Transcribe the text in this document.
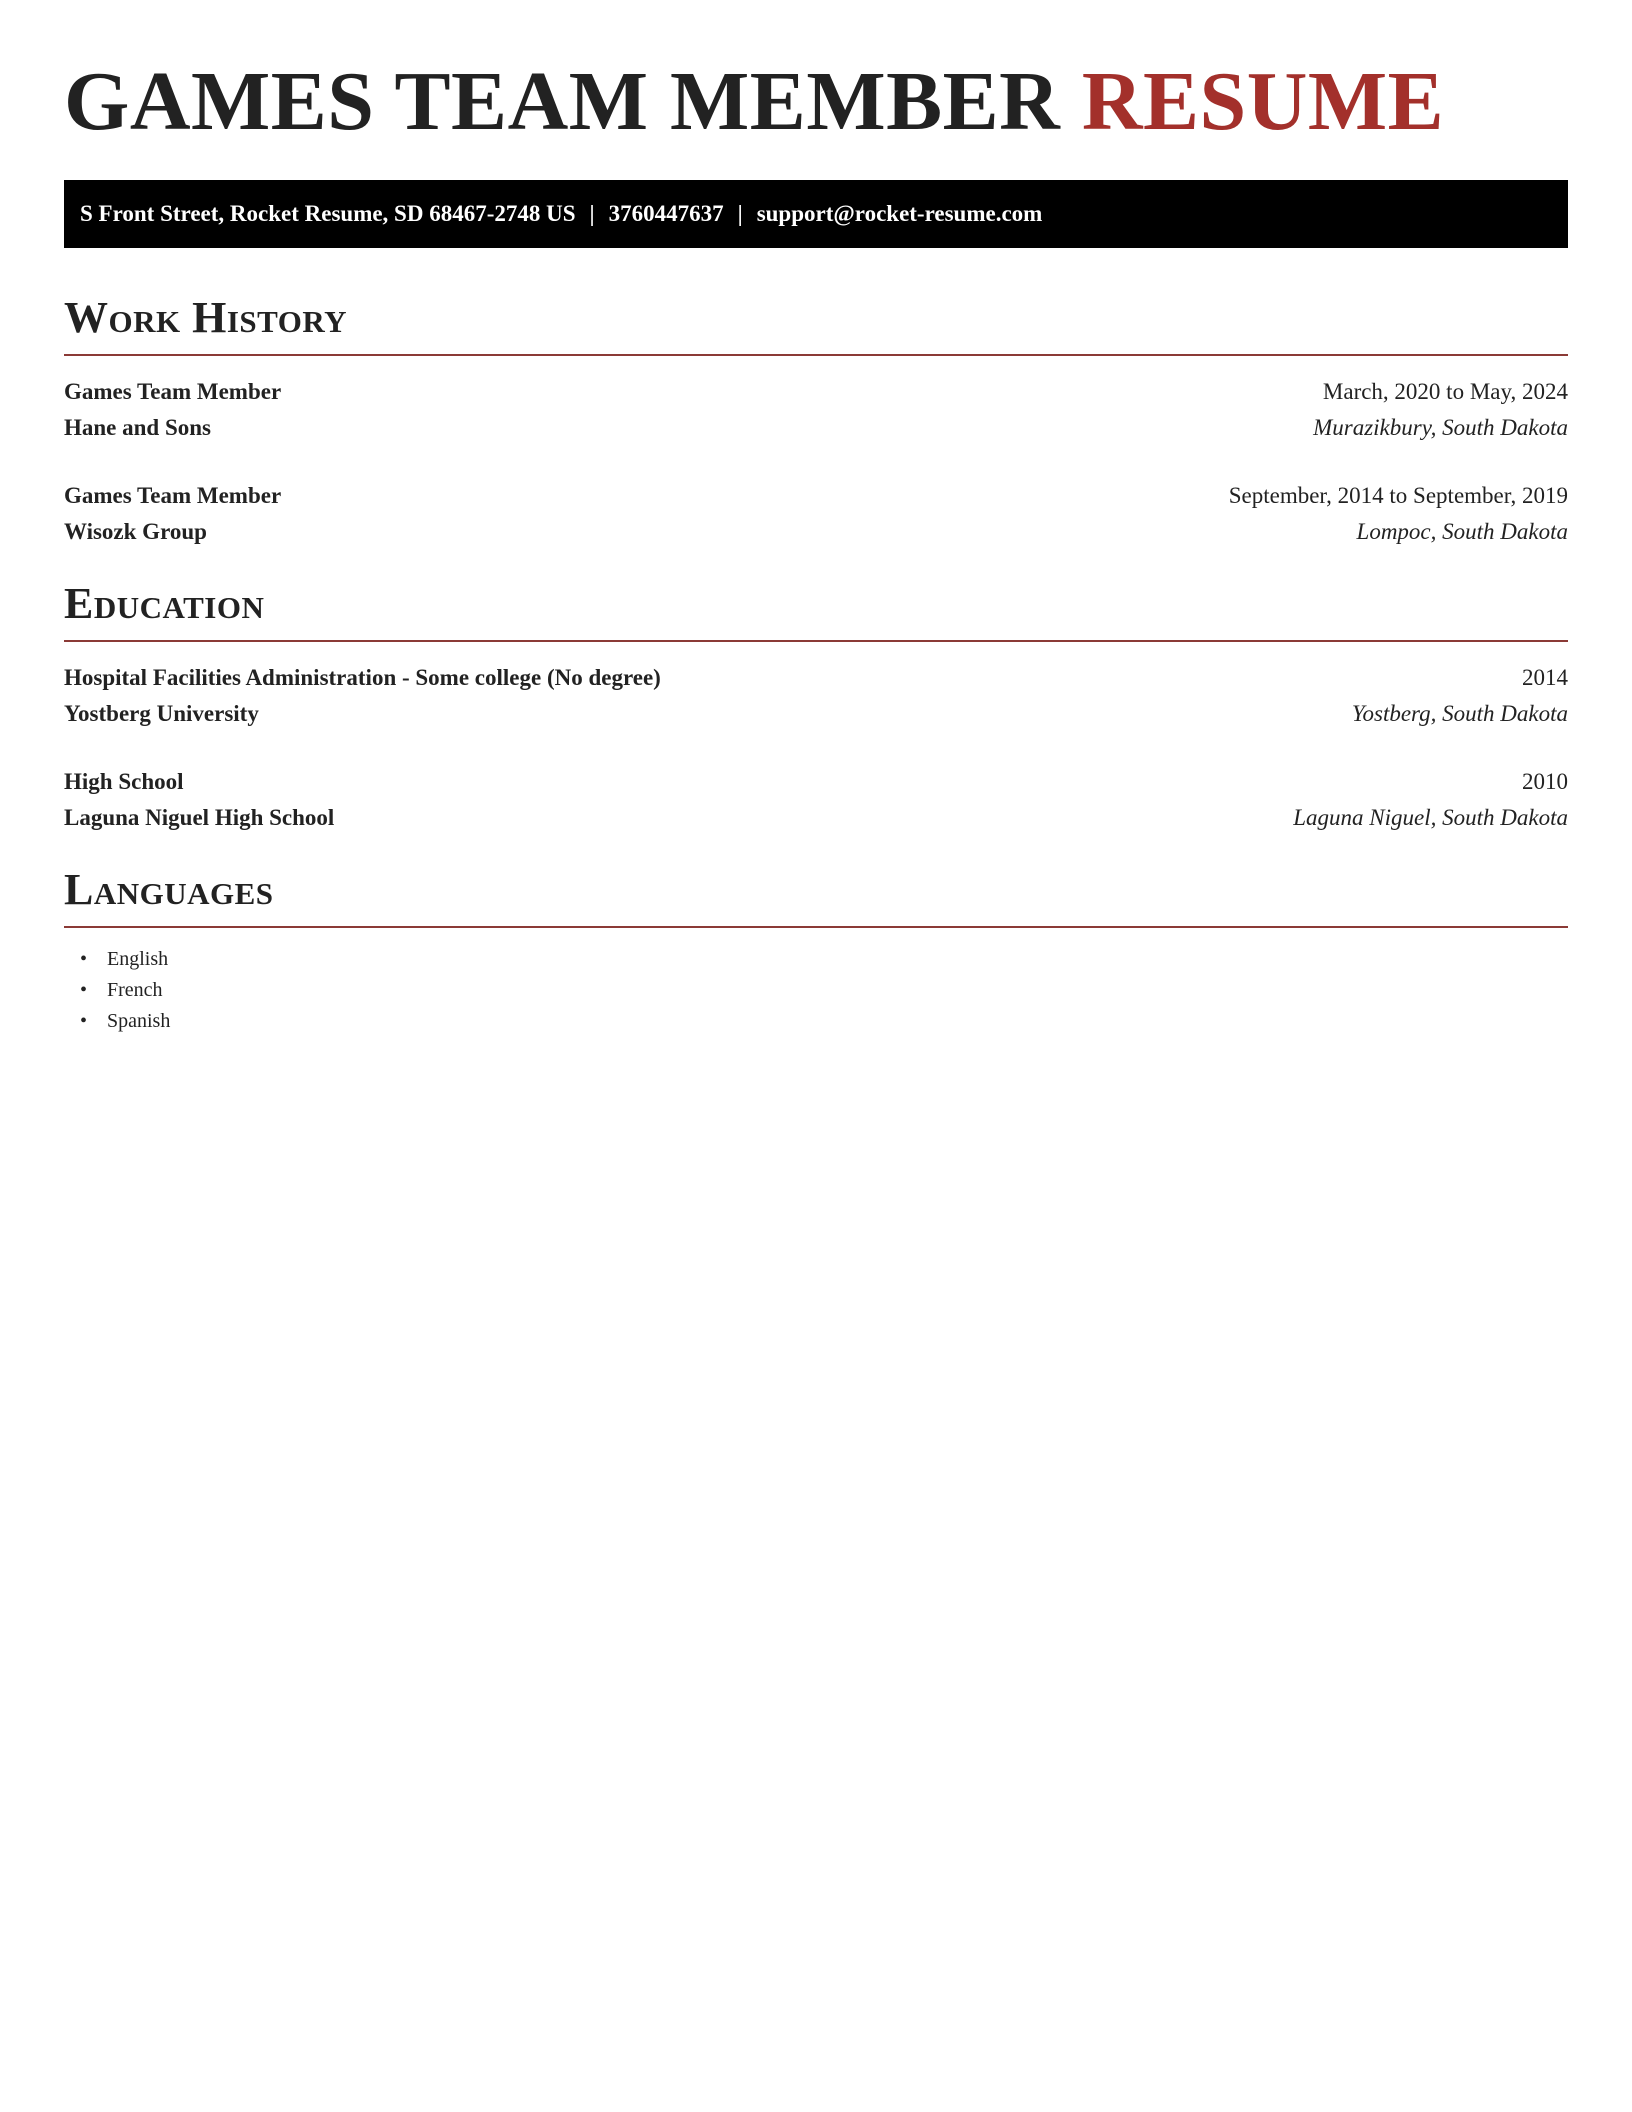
GAMES TEAM MEMBER RESUME
S Front Street, Rocket Resume, SD 68467-2748 US | 3760447637 | support@rocket-resume.com
Work History
Games Team Member	March, 2020 to May, 2024
Hane and Sons	Murazikbury, South Dakota
Games Team Member	September, 2014 to September, 2019
Wisozk Group	Lompoc, South Dakota
Education
Hospital Facilities Administration - Some college (No degree)	2014
Yostberg University	Yostberg, South Dakota
High School	2010
Laguna Niguel High School	Laguna Niguel, South Dakota
Languages
• English
• French
• Spanish
